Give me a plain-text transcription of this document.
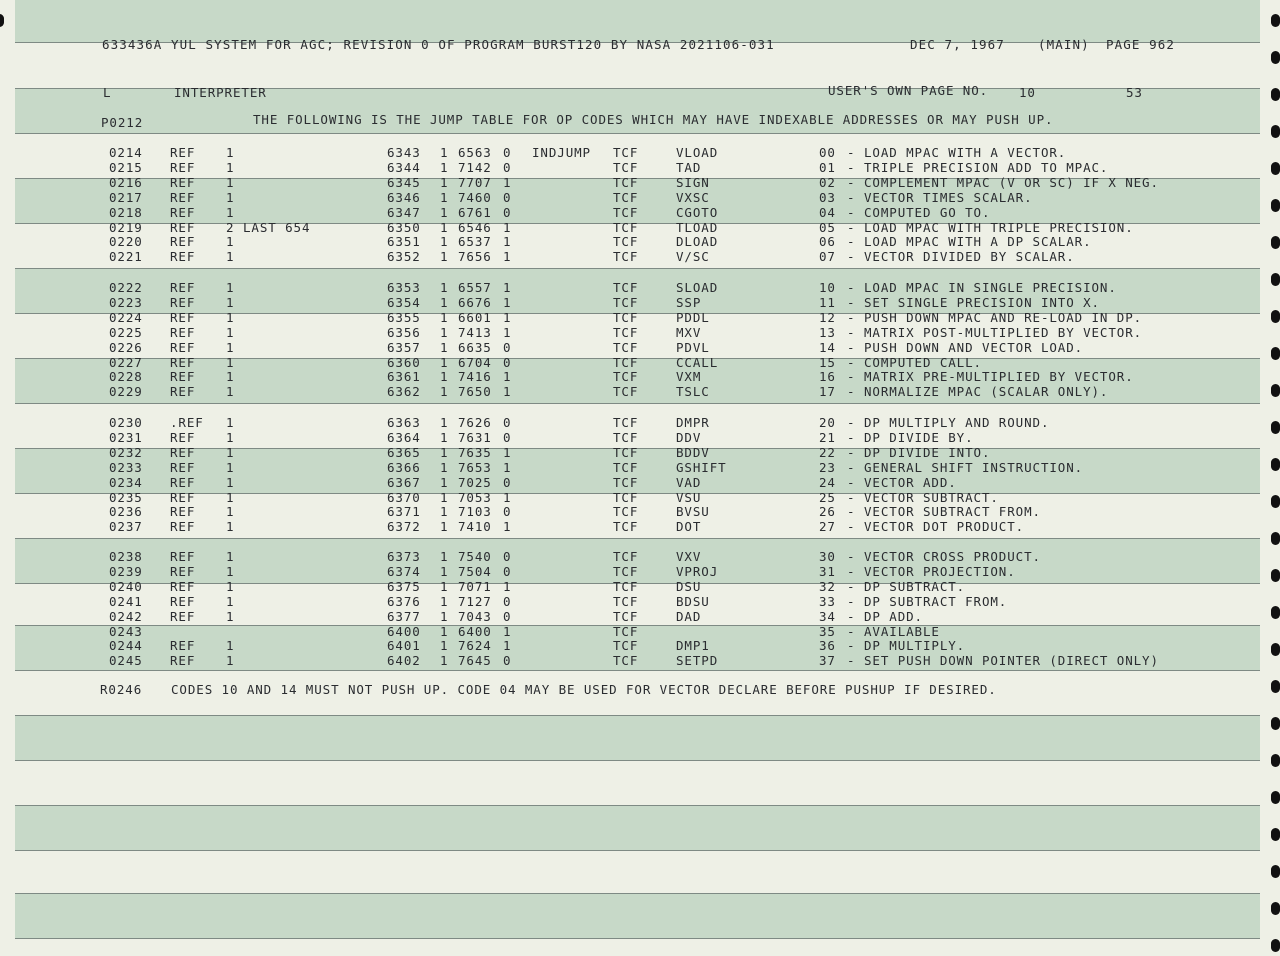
633436A YUL SYSTEM FOR AGC; REVISION 0 OF PROGRAM BURST120 BY NASA 2021106-031	DEC 7, 1967	(MAIN) PAGE 962
L	INTERPRETER	USER'S OWN PAGE NO. 10	53
P0212	THE FOLLOWING IS THE JUMP TABLE FOR OP CODES WHICH MAY HAVE INDEXABLE ADDRESSES OR MAY PUSH UP.
0214 REF 1	6343 1 6563 0 INDJUMP TCF	VLOAD	00 - LOAD MPAC WITH A VECTOR.
0215 REF 1	6344 1 7142 0	TCF	TAD	01 - TRIPLE PRECISION ADD TO MPAC.
0216 REF 1	6345 1 7707 1	TCF	SIGN	02 - COMPLEMENT MPAC (V OR SC) IF X NEG.
0217 REF 1	6346 1 7460 0	TCF	VXSC	03 - VECTOR TIMES SCALAR.
0218 REF 1	6347 1 6761 0	TCF	CGOTO	04 - COMPUTED GO TO.
0219 REF 2 LAST 654	6350 1 6546 1	TCF	TLOAD	05 - LOAD MPAC WITH TRIPLE PRECISION.
0220 REF 1	6351 1 6537 1	TCF	DLOAD	06 - LOAD MPAC WITH A DP SCALAR.
0221 REF 1	6352 1 7656 1	TCF	V/SC	07 - VECTOR DIVIDED BY SCALAR.
0222 REF 1	6353 1 6557 1	TCF	SLOAD	10 - LOAD MPAC IN SINGLE PRECISION.
0223 REF 1	6354 1 6676 1	TCF	SSP	11 - SET SINGLE PRECISION INTO X.
0224 REF 1	6355 1 6601 1	TCF	PDDL	12 - PUSH DOWN MPAC AND RE-LOAD IN DP.
0225 REF 1	6356 1 7413 1	TCF	MXV	13 - MATRIX POST-MULTIPLIED BY VECTOR.
0226 REF 1	6357 1 6635 0	TCF	PDVL	14 - PUSH DOWN AND VECTOR LOAD.
0227 REF 1	6360 1 6704 0	TCF	CCALL	15 - COMPUTED CALL.
0228 REF 1	6361 1 7416 1	TCF	VXM	16 - MATRIX PRE-MULTIPLIED BY VECTOR.
0229 REF 1	6362 1 7650 1	TCF	TSLC	17 - NORMALIZE MPAC (SCALAR ONLY).
0230 .REF 1	6363 1 7626 0	TCF	DMPR	20 - DP MULTIPLY AND ROUND.
0231 REF 1	6364 1 7631 0	TCF	DDV	21 - DP DIVIDE BY.
0232 REF 1	6365 1 7635 1	TCF	BDDV	22 - DP DIVIDE INTO.
0233 REF 1	6366 1 7653 1	TCF	GSHIFT	23 - GENERAL SHIFT INSTRUCTION.
0234 REF 1	6367 1 7025 0	TCF	VAD	24 - VECTOR ADD.
0235 REF 1	6370 1 7053 1	TCF	VSU	25 - VECTOR SUBTRACT.
0236 REF 1	6371 1 7103 0	TCF	BVSU	26 - VECTOR SUBTRACT FROM.
0237 REF 1	6372 1 7410 1	TCF	DOT	27 - VECTOR DOT PRODUCT.
0238 REF 1	6373 1 7540 0	TCF	VXV	30 - VECTOR CROSS PRODUCT.
0239 REF 1	6374 1 7504 0	TCF	VPROJ	31 - VECTOR PROJECTION.
0240 REF 1	6375 1 7071 1	TCF	DSU	32 - DP SUBTRACT.
0241 REF 1	6376 1 7127 0	TCF	BDSU	33 - DP SUBTRACT FROM.
0242 REF 1	6377 1 7043 0	TCF	DAD	34 - DP ADD.
0243	6400 1 6400 1	TCF	35 - AVAILABLE
0244 REF 1	6401 1 7624 1	TCF	DMP1	36 - DP MULTIPLY.
0245 REF 1	6402 1 7645 0	TCF	SETPD	37 - SET PUSH DOWN POINTER (DIRECT ONLY)
R0246 CODES 10 AND 14 MUST NOT PUSH UP. CODE 04 MAY BE USED FOR VECTOR DECLARE BEFORE PUSHUP IF DESIRED.
